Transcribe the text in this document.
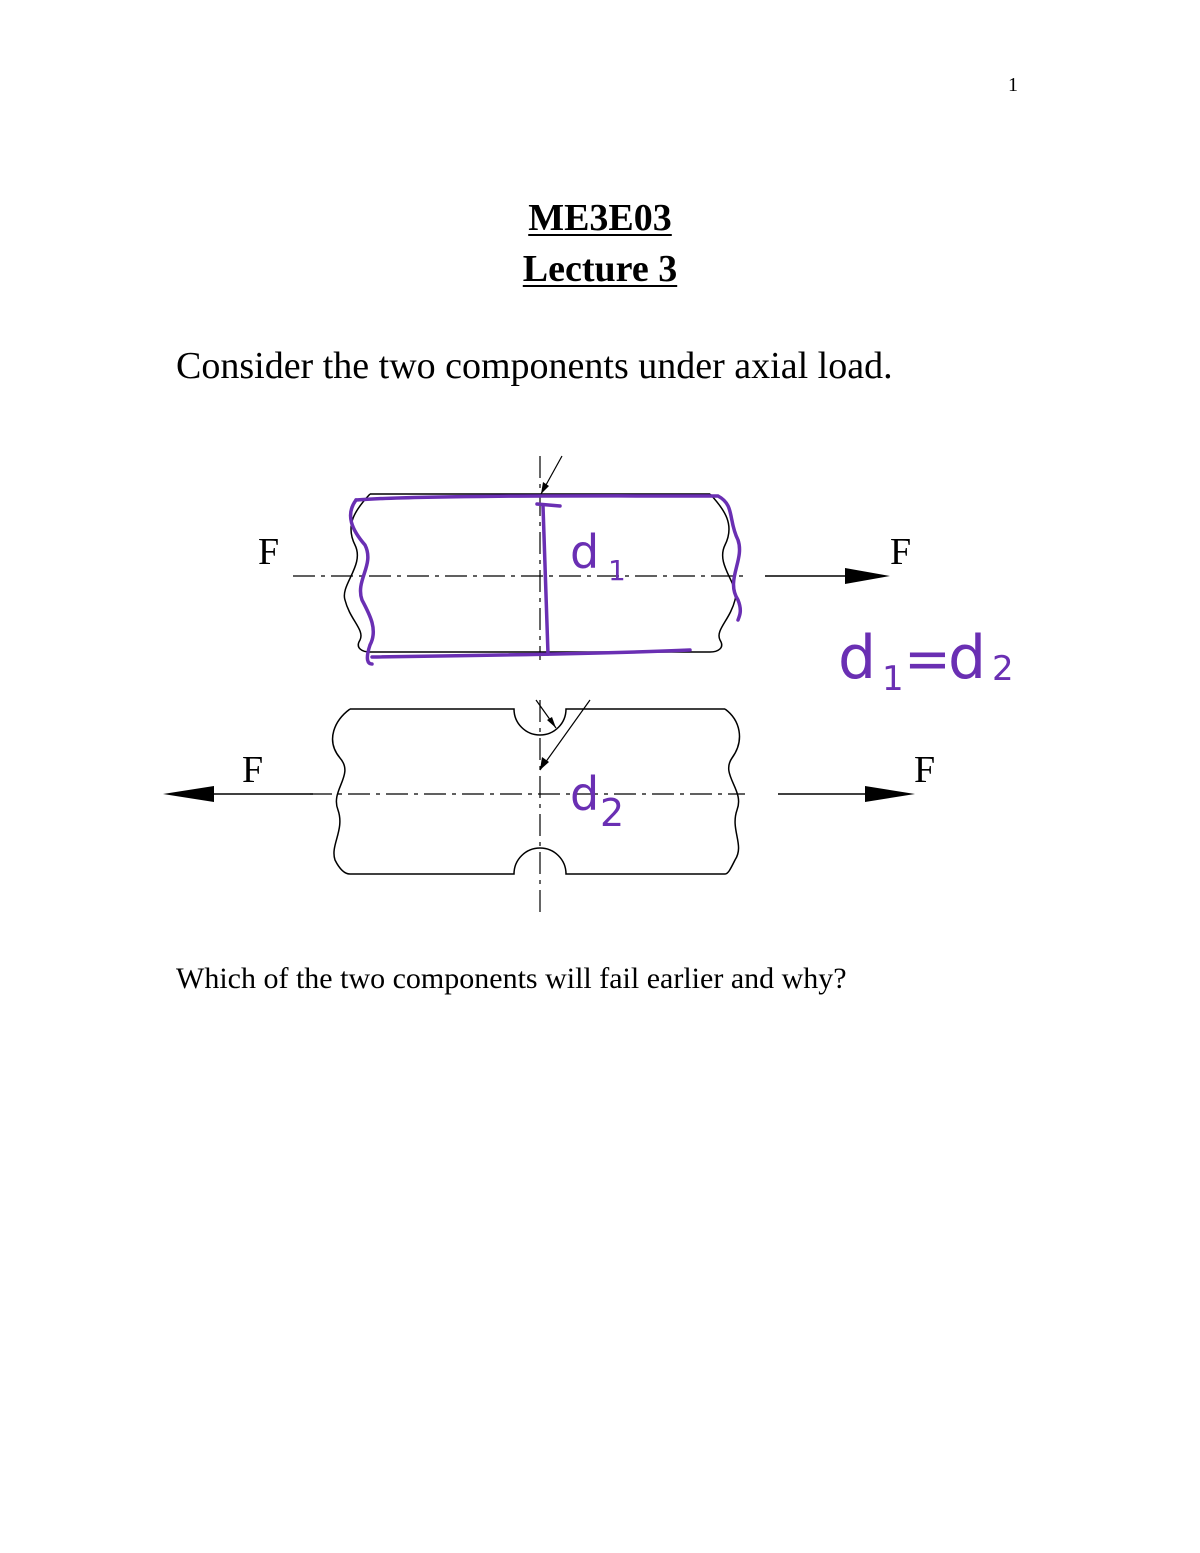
1
ME3E03
Lecture 3
Consider the two components under axial load.
F	F
d 1
d 1 =
d 2
F	F
d 2
Which of the two components will fail earlier and why?
